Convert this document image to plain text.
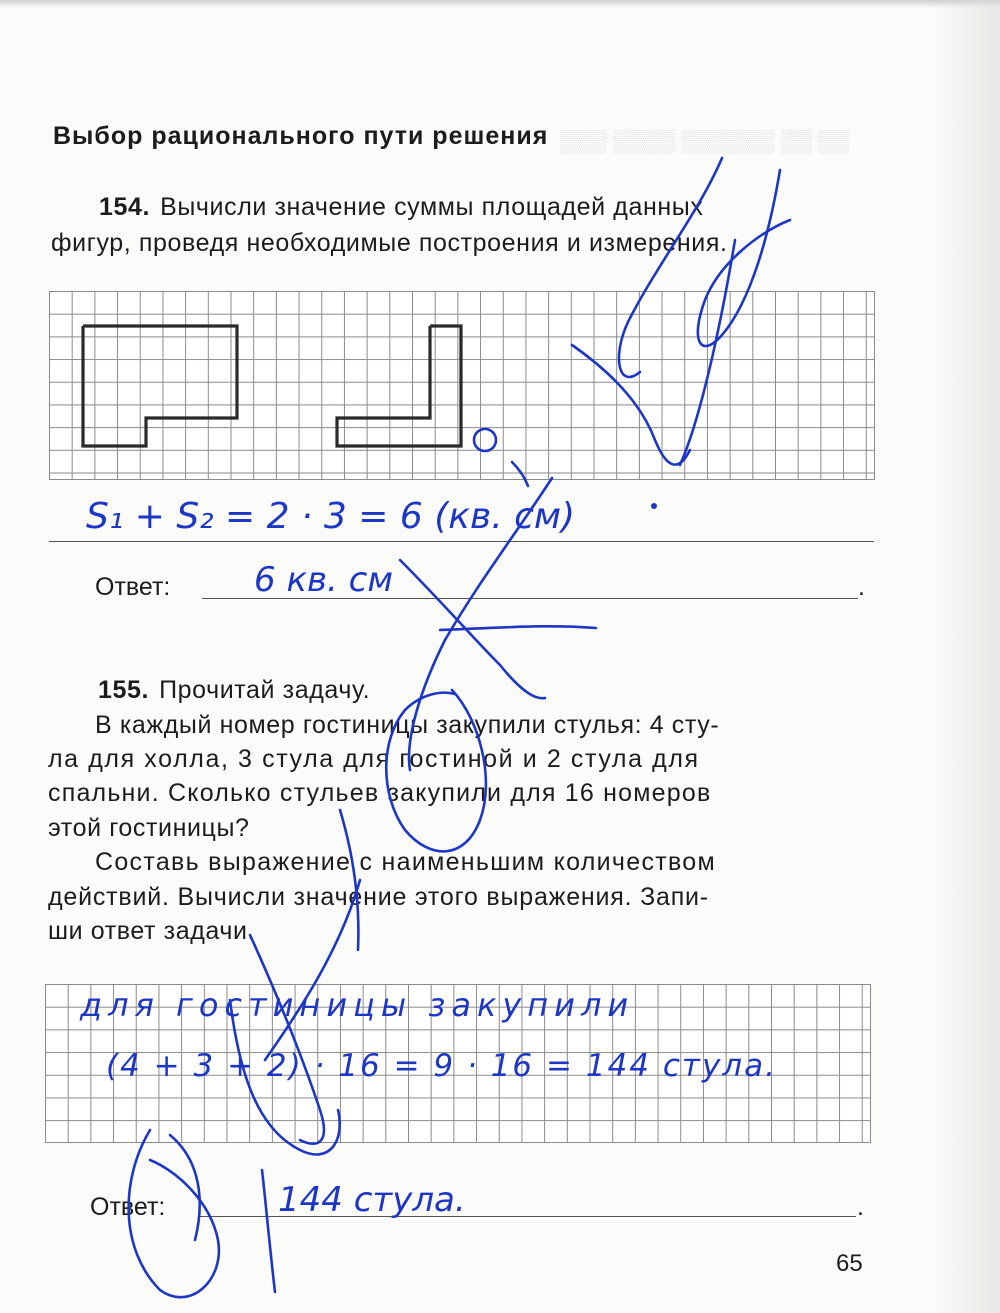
▒▒▒ ▒▒▒▒ ▒▒▒▒▒▒ ▒▒ ▒▒
Выбор рационального пути решения
154. Вычисли значение суммы площадей данных
фигур, проведя необходимые построения и измерения.
S₁ + S₂ = 2 · 3 = 6 (кв. см)
Ответ:	.
6 кв. см
155. Прочитай задачу.
В каждый номер гостиницы закупили стулья: 4 сту-
ла для холла, 3 стула для гостиной и 2 стула для
спальни. Сколько стульев закупили для 16 номеров
этой гостиницы?
Составь выражение с наименьшим количеством
действий. Вычисли значение этого выражения. Запи-
ши ответ задачи.
для гостиницы закупили
(4 + 3 + 2) · 16 = 9 · 16 = 144 стула.
Ответ:	.
144 стула.
65
